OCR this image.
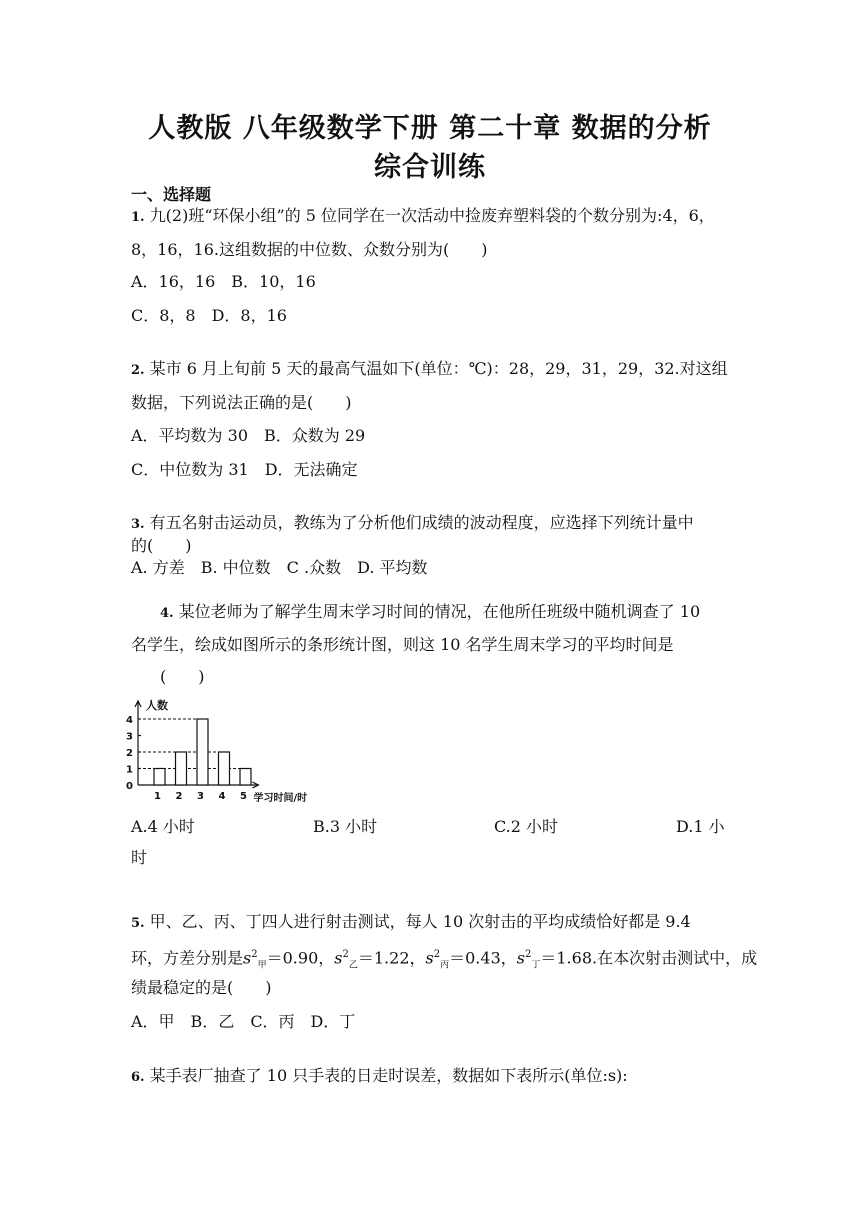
人教版 八年级数学下册 第二十章 数据的分析
综合训练
一、选择题
1. 九(2)班“环保小组”的 5 位同学在一次活动中捡废弃塑料袋的个数分别为:4，6，
8，16，16.这组数据的中位数、众数分别为(　　)
A．16，16　B．10，16
C．8，8　D．8，16
2. 某市 6 月上旬前 5 天的最高气温如下(单位：℃)：28，29，31，29，32.对这组
数据，下列说法正确的是(　　)
A．平均数为 30　B．众数为 29
C．中位数为 31　D．无法确定
3. 有五名射击运动员，教练为了分析他们成绩的波动程度，应选择下列统计量中
的(　　)
A. 方差　B. 中位数　C .众数　D. 平均数
4. 某位老师为了解学生周末学习时间的情况，在他所任班级中随机调查了 10
名学生，绘成如图所示的条形统计图，则这 10 名学生周末学习的平均时间是
(　　)
0
1
2
3
4
1 2 3 4 5
人数
学习时间/时
A.4 小时	B.3 小时	C.2 小时	D.1 小
时
5. 甲、乙、丙、丁四人进行射击测试，每人 10 次射击的平均成绩恰好都是 9.4
环，方差分别是$s^2_甲=0.90$，$s^2_乙=1.22$，$s^2_丙=0.43$，$s^2_丁=1.68$.在本次射击测试中，成
绩最稳定的是(　　)
A．甲　B．乙　C．丙　D．丁
6. 某手表厂抽查了 10 只手表的日走时误差，数据如下表所示(单位:s):
